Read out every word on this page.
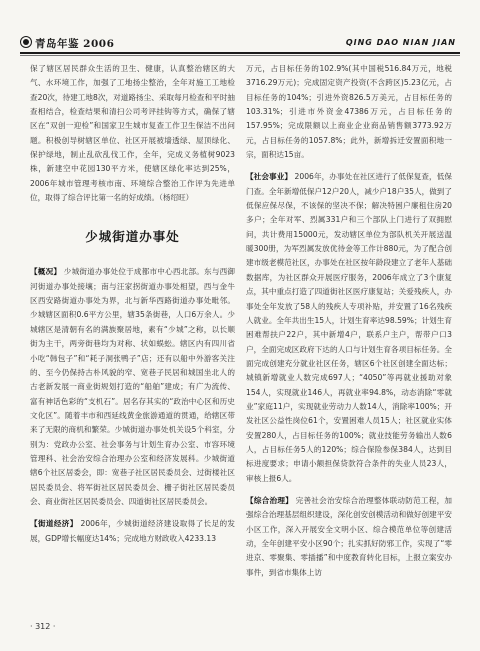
青岛年鉴 2006	QING DAO NIAN JIAN

保了辖区居民群众生活的卫生、健康，认真整治辖区的大气、水环境工作，加强了工地扬尘整治，全年对施工工地检查20次，待建工地8次，对道路扬尘、采取每月检查和平时抽查相结合，检查结果和清扫公司考评挂钩等方式，确保了辖区在“双创一迎检”和国家卫生城市复查工作卫生保洁不出问题。积极创导树辖区单位、社区开展被墙透绿、屋顶绿化、保护绿地，制止乱砍乱伐工作，全年，完成义务植树9023株，新建空中花园130平方米，使辖区绿化率达到25%，2006年城市管理考核市南、环境综合整治工作评为先进单位，取得了综合评比第一名的好成绩。（杨绍旺）

少城街道办事处

【概况】 少城街道办事处位于成都市中心西北部。东与西御河街道办事处接壤；南与汪家拐街道办事处相望，西与金牛区西安路街道办事处为界，北与新华西路街道办事处毗邻。少城辖区面积0.6平方公里，辖35条街巷，人口6万余人。少城辖区是清朝有名的满族聚居地，素有“少城”之称，以长顺街为主干，两旁街巷均为对称、状如蜈蚣。辖区内有四川省小吃“韩包子”和“耗子洞张鸭子”店；还有以船中外游客关注的、至今仍保持古朴风貌的窄、宽巷子民居和城国坐北人的古老新发展一商业街规划打造的“船舶”建成；有广为流传、富有神话色彩的“支机石”。居名存其实的“政治中心区和历史文化区”。随着丰市和西延线黄金旅游通道的贯通，给辖区带来了无限的商机和繁荣。少城街道办事处机关设5个科室，分别为：党政办公室、社会事务与计划生育办公室、市容环境管理科、社会治安综合治理办公室和经济发展科。少城街道辖6个社区居委会，即：宽巷子社区居民委员会、过街楼社区居民委员会、将军街社区居民委员会、栅子街社区居民委员会、商业街社区居民委员会、四道街社区居民委员会。

【街道经济】 2006年，少城街道经济建设取得了长足的发展，GDP增长幅度达14%；完成地方财政收入4233.13

万元，占目标任务的102.9%(其中国税516.84万元，地税3716.29万元)；完成固定资产投资(不含跨区)5.23亿元，占目标任务的104%；引进外资826.5万美元，占目标任务的103.31%；引进市外资金47386万元，占目标任务的157.95%；完成限额以上商业企业商品销售额3773.92万元，占目标任务的1057.8%；此外，新增拆迁安置面积地一宗，面积达15亩。

【社会事业】 2006年，办事处在社区进行了低保复查，低保门查。全年新增低保户12户20人，减少户18户35人，做到了低保应保尽保，不该保的坚决不保；解决特困户廉租住房20多户；全年对军、烈属331户和三个部队上门进行了双拥慰问，共计费用15000元，发动辖区单位为部队机关开展送温暖300册，为军烈属发放优待金等工作计880元，为了配合创建市级老模范社区，办事处在社区按年龄段建立了老年人基础数据库，为社区群众开展医疗服务，2006年成立了3个康复点，其中重点打造了四道街社区医疗康复站；关爱残疾人，办事处全年发放了58人的残疾人专项补贴，并安置了16名残疾人就业。全年共出生15人，计划生育率达98.59%；计划生育困难帮扶户22户，其中新增4户，联系户主户，帮带户口3户，全面完成区政府下达的人口与计划生育各项目标任务。全面完成创建充分就业社区任务，辖区6个社区创建全面达标；城镇新增就业人数完成697人；“4050”等再就业援助对象154人，实现就业146人，再就业率94.8%，动态消除“零就业”家庭11户，实现就业劳动力人数14人，消除率100%；开发社区公益性岗位61个，安置困难人员15人；社区就业实体安置280人，占目标任务的100%；就业技能劳务输出人数6人，占目标任务5人的120%；综合保险参保384人，达到目标进度要求；申请小额担保贷款符合条件的失业人员23人，审核上报6人。

【综合治理】 完善社会治安综合治理整体联动防范工程，加强综合治理基层组织建设，深化创安创模活动和做好创建平安小区工作，深入开展安全文明小区、综合模范单位等创建活动，全年创建平安小区90个；扎实抓好防邪工作，实现了“零进京、零聚集、零插播”和中度教育转化目标，上报立案安办事件，到省市集体上访

· 312 ·
